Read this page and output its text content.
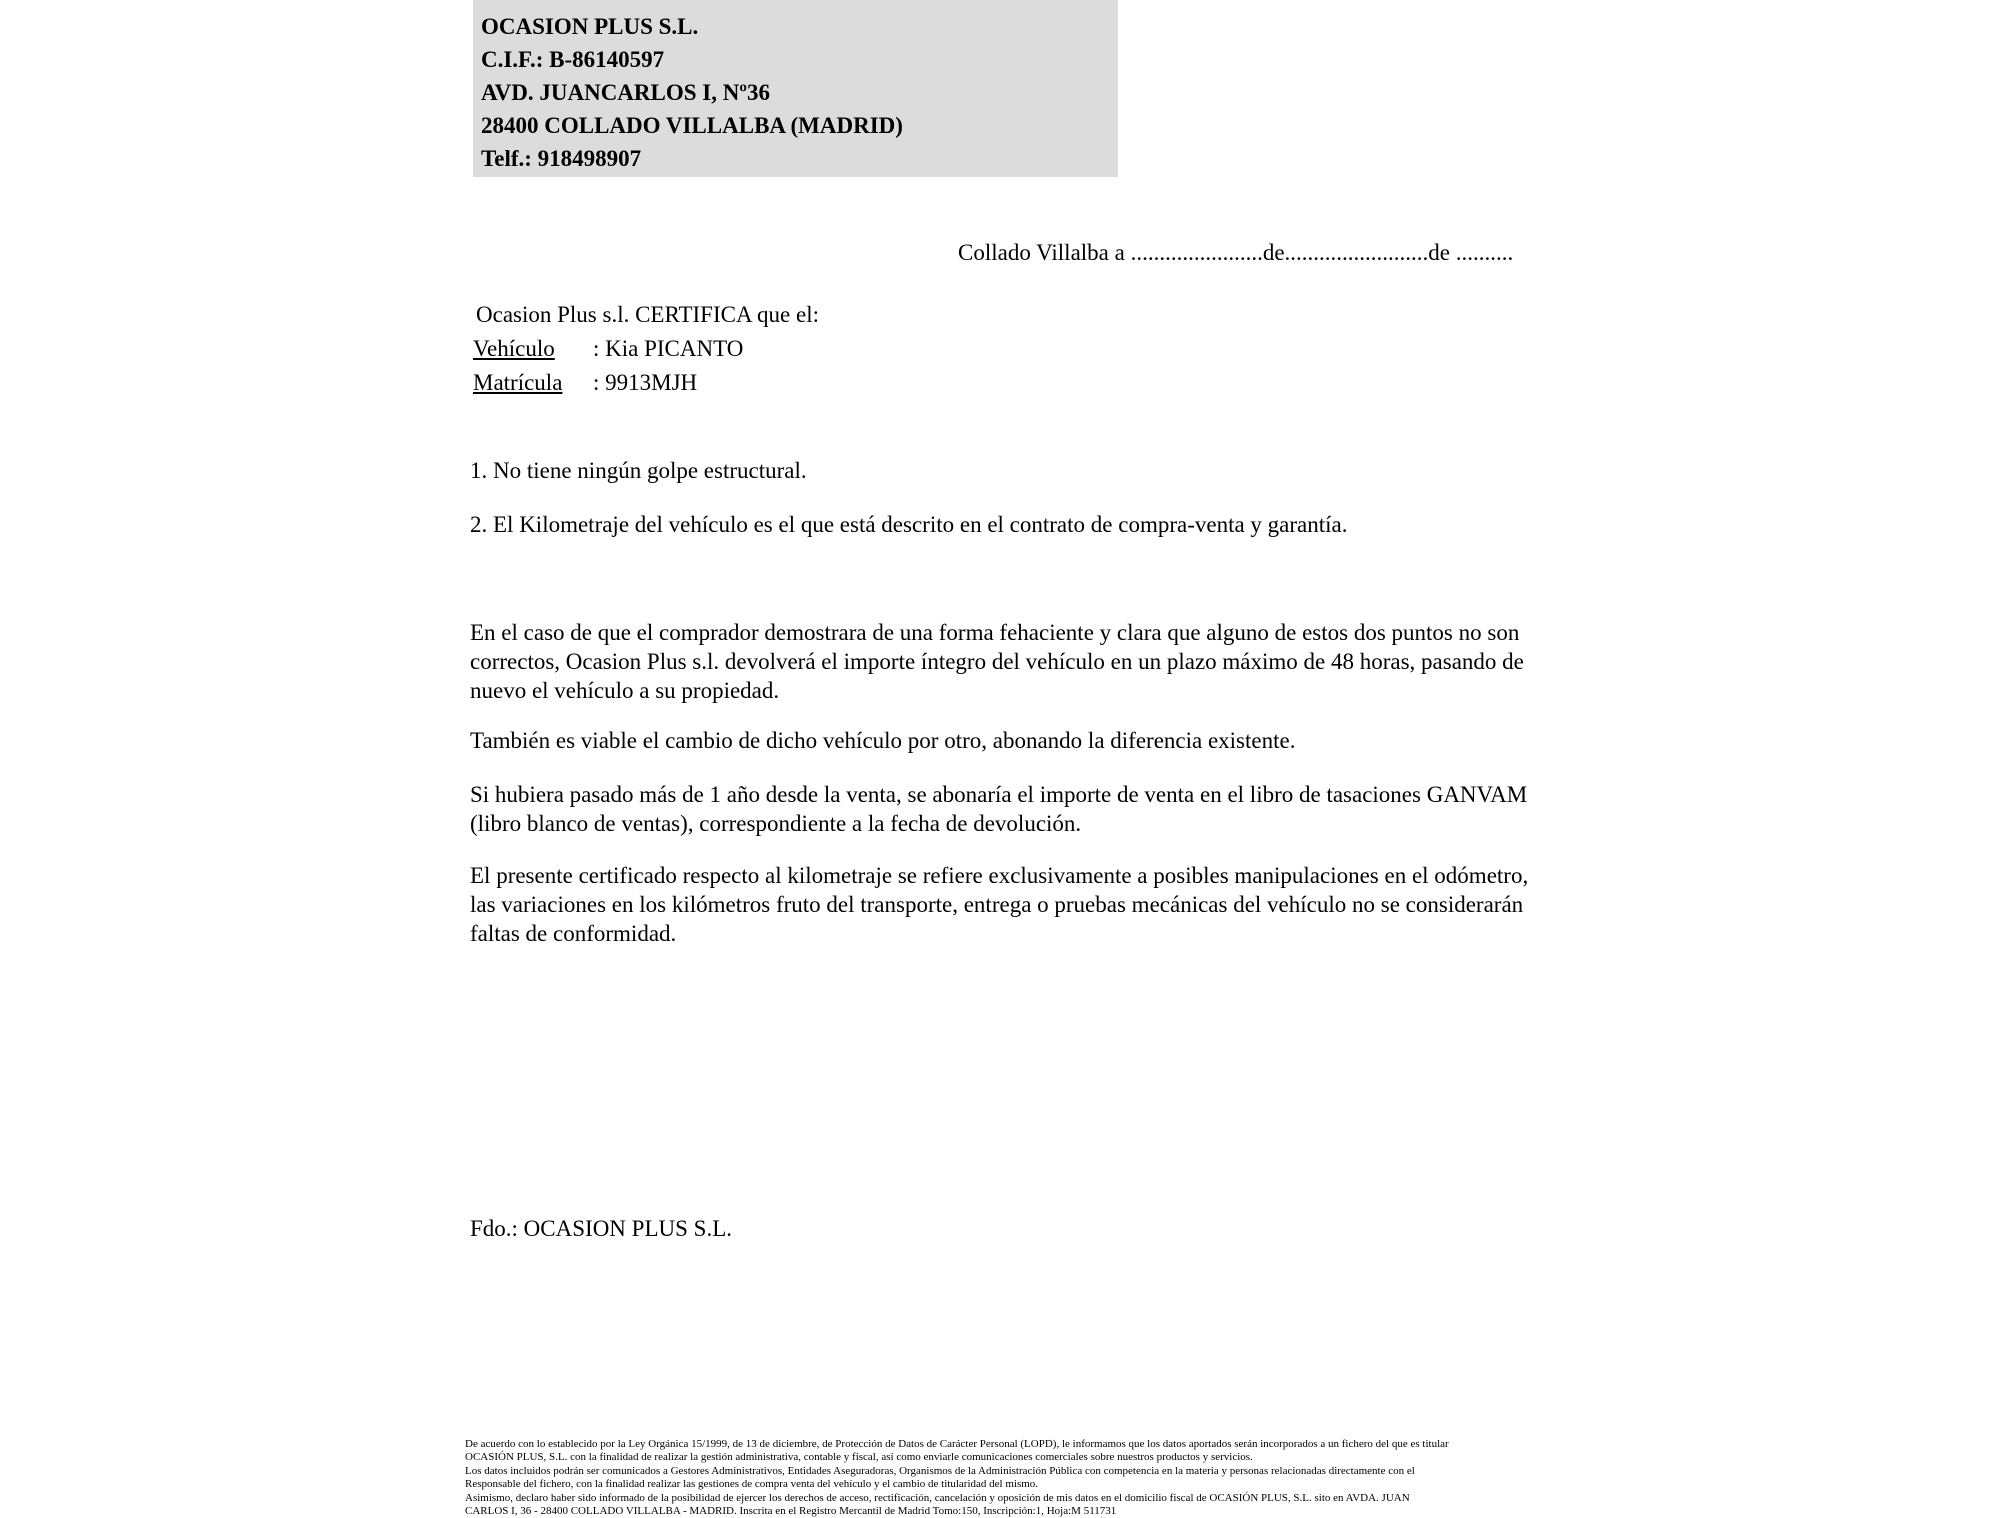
OCASION PLUS S.L.
C.I.F.: B-86140597
AVD. JUANCARLOS I, Nº36
28400 COLLADO VILLALBA (MADRID)
Telf.: 918498907
Collado Villalba a .......................de.........................de ..........
Ocasion Plus s.l. CERTIFICA que el:
Vehículo : Kia PICANTO
Matrícula : 9913MJH
1. No tiene ningún golpe estructural.
2. El Kilometraje del vehículo es el que está descrito en el contrato de compra-venta y garantía.
En el caso de que el comprador demostrara de una forma fehaciente y clara que alguno de estos dos puntos no son correctos, Ocasion Plus s.l. devolverá el importe íntegro del vehículo en un plazo máximo de 48 horas, pasando de nuevo el vehículo a su propiedad.
También es viable el cambio de dicho vehículo por otro, abonando la diferencia existente.
Si hubiera pasado más de 1 año desde la venta, se abonaría el importe de venta en el libro de tasaciones GANVAM (libro blanco de ventas), correspondiente a la fecha de devolución.
El presente certificado respecto al kilometraje se refiere exclusivamente a posibles manipulaciones en el odómetro, las variaciones en los kilómetros fruto del transporte, entrega o pruebas mecánicas del vehículo no se considerarán faltas de conformidad.
Fdo.: OCASION PLUS S.L.
De acuerdo con lo establecido por la Ley Orgánica 15/1999, de 13 de diciembre, de Protección de Datos de Carácter Personal (LOPD), le informamos que los datos aportados serán incorporados a un fichero del que es titular
OCASIÓN PLUS, S.L. con la finalidad de realizar la gestión administrativa, contable y fiscal, así como enviarle comunicaciones comerciales sobre nuestros productos y servicios.
Los datos incluidos podrán ser comunicados a Gestores Administrativos, Entidades Aseguradoras, Organismos de la Administración Pública con competencia en la materia y personas relacionadas directamente con el
Responsable del fichero, con la finalidad realizar las gestiones de compra venta del vehículo y el cambio de titularidad del mismo.
Asimismo, declaro haber sido informado de la posibilidad de ejercer los derechos de acceso, rectificación, cancelación y oposición de mis datos en el domicilio fiscal de OCASIÓN PLUS, S.L. sito en AVDA. JUAN
CARLOS I, 36 - 28400 COLLADO VILLALBA - MADRID. Inscrita en el Registro Mercantil de Madrid Tomo:150, Inscripción:1, Hoja:M 511731
